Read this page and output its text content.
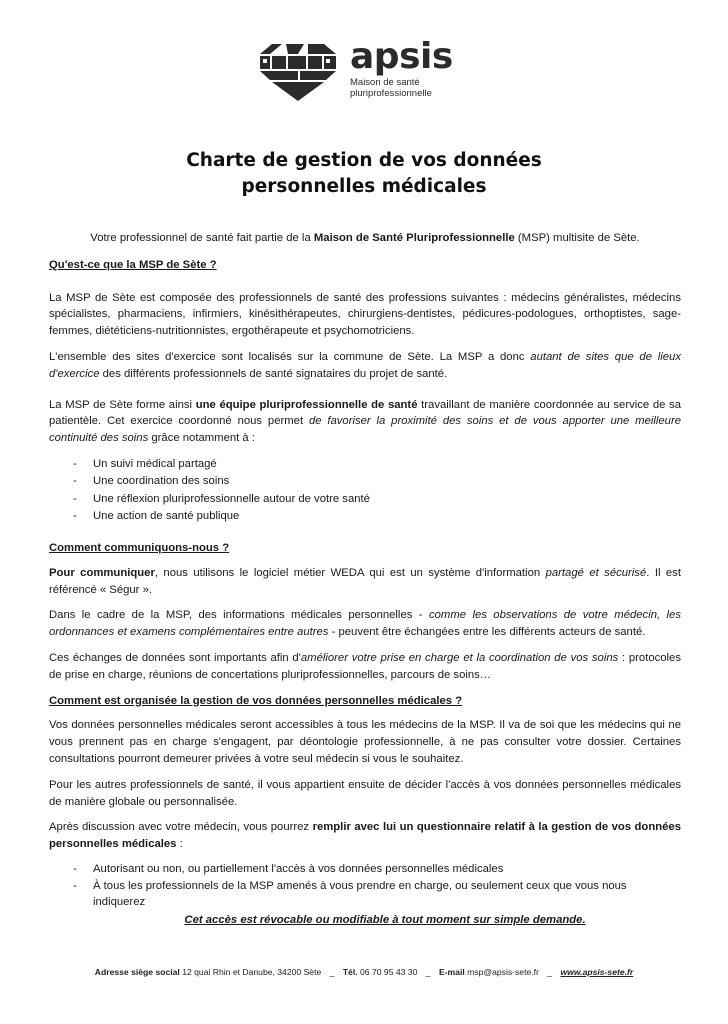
apsis
Maison de santé
pluriprofessionnelle
Charte de gestion de vos données
personnelles médicales

Votre professionnel de santé fait partie de la Maison de Santé Pluriprofessionnelle (MSP) multisite de Sète.

Qu'est-ce que la MSP de Sète ?

La MSP de Sète est composée des professionnels de santé des professions suivantes : médecins généralistes, médecins spécialistes, pharmaciens, infirmiers, kinésithérapeutes, chirurgiens-dentistes, pédicures-podologues, orthoptistes, sage-femmes, diététiciens-nutritionnistes, ergothérapeute et psychomotriciens.

L'ensemble des sites d'exercice sont localisés sur la commune de Sète. La MSP a donc autant de sites que de lieux d'exercice des différents professionnels de santé signataires du projet de santé.

La MSP de Sète forme ainsi une équipe pluriprofessionnelle de santé travaillant de manière coordonnée au service de sa patientèle. Cet exercice coordonné nous permet de favoriser la proximité des soins et de vous apporter une meilleure continuité des soins grâce notamment à :

- Un suivi médical partagé
- Une coordination des soins
- Une réflexion pluriprofessionnelle autour de votre santé
- Une action de santé publique
Comment communiquons-nous ?

Pour communiquer, nous utilisons le logiciel métier WEDA qui est un système d'information partagé et sécurisé. Il est référencé « Ségur ».

Dans le cadre de la MSP, des informations médicales personnelles - comme les observations de votre médecin, les ordonnances et examens complémentaires entre autres - peuvent être échangées entre les différents acteurs de santé.

Ces échanges de données sont importants afin d'améliorer votre prise en charge et la coordination de vos soins : protocoles de prise en charge, réunions de concertations pluriprofessionnelles, parcours de soins…

Comment est organisée la gestion de vos données personnelles médicales ?

Vos données personnelles médicales seront accessibles à tous les médecins de la MSP. Il va de soi que les médecins qui ne vous prennent pas en charge s'engagent, par déontologie professionnelle, à ne pas consulter votre dossier. Certaines consultations pourront demeurer privées à votre seul médecin si vous le souhaitez.

Pour les autres professionnels de santé, il vous appartient ensuite de décider l'accès à vos données personnelles médicales de manière globale ou personnalisée.

Après discussion avec votre médecin, vous pourrez remplir avec lui un questionnaire relatif à la gestion de vos données personnelles médicales :

- Autorisant ou non, ou partiellement l'accès à vos données personnelles médicales
- À tous les professionnels de la MSP amenés à vous prendre en charge, ou seulement ceux que vous nous indiquerez
Cet accès est révocable ou modifiable à tout moment sur simple demande.
Adresse siège social 12 quai Rhin et Danube, 34200 Sète _ Tél. 06 70 95 43 30 _ E-mail msp@apsis-sete.fr _ www.apsis-sete.fr
